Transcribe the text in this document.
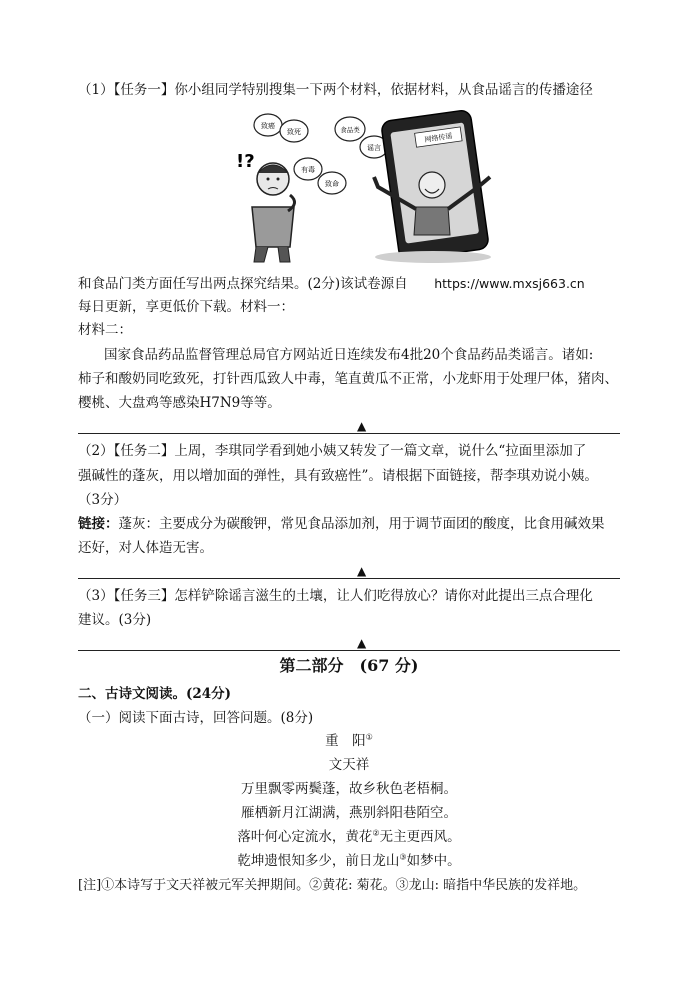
（1）【任务一】你小组同学特别搜集一下两个材料，依据材料，从食品谣言的传播途径
!?
致癌
致死
有毒
致命
食品类
谣言
网络传谣
和食品门类方面任写出两点探究结果。(2分)该试卷源自 https://www.mxsj663.cn
每日更新，享更低价下载。材料一：
材料二：
国家食品药品监督管理总局官方网站近日连续发布4批20个食品药品类谣言。诸如:
柿子和酸奶同吃致死，打针西瓜致人中毒，笔直黄瓜不正常，小龙虾用于处理尸体，猪肉、
樱桃、大盘鸡等感染H7N9等等。
▲
（2）【任务二】上周，李琪同学看到她小姨又转发了一篇文章，说什么“拉面里添加了
强碱性的蓬灰，用以增加面的弹性，具有致癌性”。请根据下面链接，帮李琪劝说小姨。
（3分）
链接：蓬灰：主要成分为碳酸钾，常见食品添加剂，用于调节面团的酸度，比食用碱效果
还好，对人体造无害。
▲
（3）【任务三】怎样铲除谣言滋生的土壤，让人们吃得放心？请你对此提出三点合理化
建议。(3分)
▲
第二部分　(67 分)
二、古诗文阅读。(24分)
（一）阅读下面古诗，回答问题。(8分)
重　阳①
文天祥
万里飘零两鬓蓬，故乡秋色老梧桐。
雁栖新月江湖满，燕别斜阳巷陌空。
落叶何心定流水，黄花②无主更西风。
乾坤遗恨知多少，前日龙山③如梦中。
[注]①本诗写于文天祥被元军关押期间。②黄花: 菊花。③龙山: 暗指中华民族的发祥地。
